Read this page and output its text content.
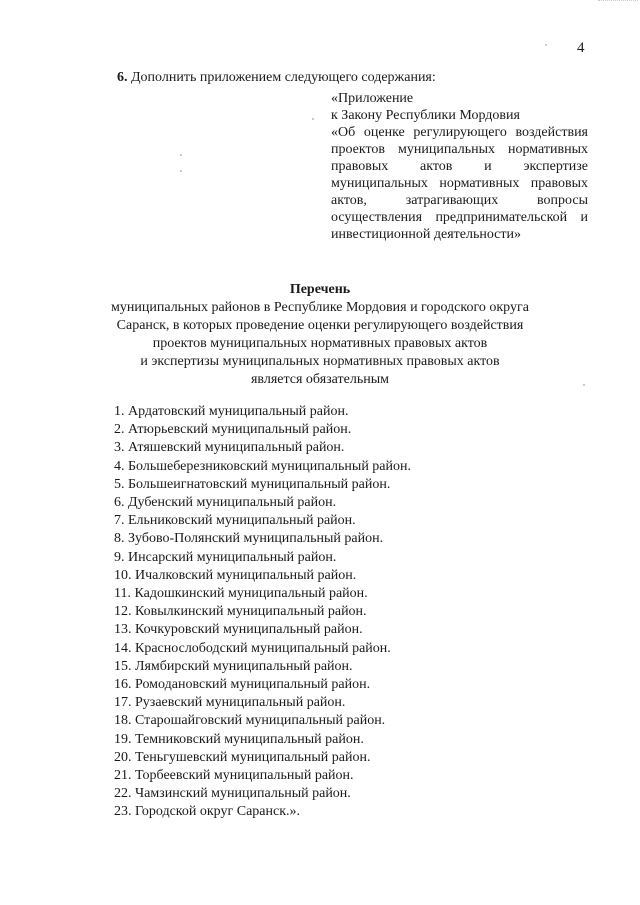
4
6. Дополнить приложением следующего содержания:
«Приложение
к Закону Республики Мордовия
«Об оценке регулирующего воздействия проектов муниципальных нормативных правовых актов и экспертизе муниципальных нормативных правовых актов, затрагивающих вопросы осуществления предпринимательской и инвестиционной деятельности»
Перечень
муниципальных районов в Республике Мордовия и городского округа
Саранск, в которых проведение оценки регулирующего воздействия
проектов муниципальных нормативных правовых актов
и экспертизы муниципальных нормативных правовых актов
является обязательным
1. Ардатовский муниципальный район.
2. Атюрьевский муниципальный район.
3. Атяшевский муниципальный район.
4. Большеберезниковский муниципальный район.
5. Большеигнатовский муниципальный район.
6. Дубенский муниципальный район.
7. Ельниковский муниципальный район.
8. Зубово-Полянский муниципальный район.
9. Инсарский муниципальный район.
10. Ичалковский муниципальный район.
11. Кадошкинский муниципальный район.
12. Ковылкинский муниципальный район.
13. Кочкуровский муниципальный район.
14. Краснослободский муниципальный район.
15. Лямбирский муниципальный район.
16. Ромодановский муниципальный район.
17. Рузаевский муниципальный район.
18. Старошайговский муниципальный район.
19. Темниковский муниципальный район.
20. Теньгушевский муниципальный район.
21. Торбеевский муниципальный район.
22. Чамзинский муниципальный район.
23. Городской округ Саранск.».
